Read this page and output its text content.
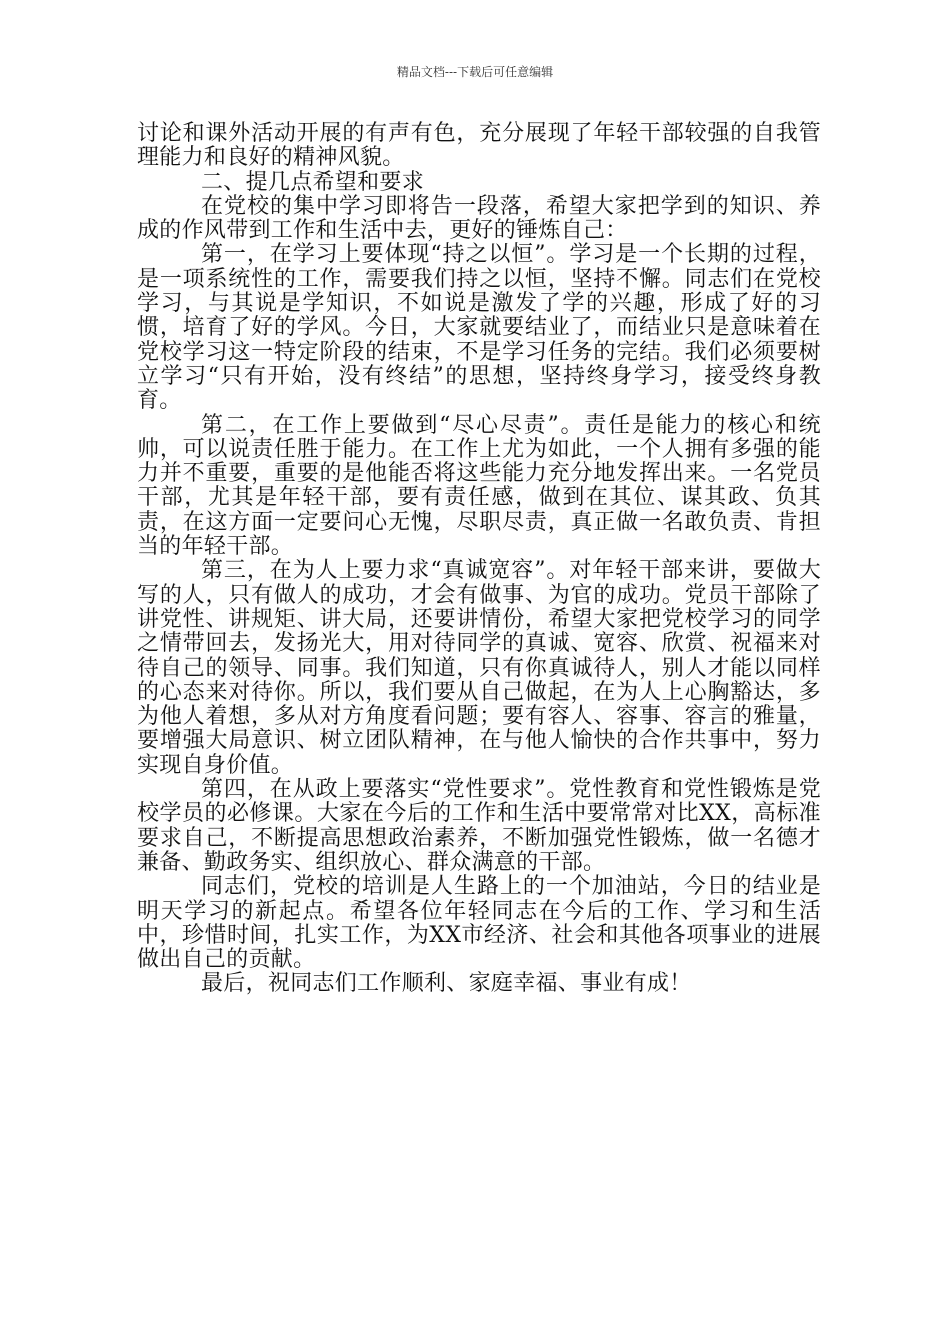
精品文档---下载后可任意编辑

讨论和课外活动开展的有声有色，充分展现了年轻干部较强的自我管理能力和良好的精神风貌。

二、提几点希望和要求

在党校的集中学习即将告一段落，希望大家把学到的知识、养成的作风带到工作和生活中去，更好的锤炼自己：

第一，在学习上要体现“持之以恒”。学习是一个长期的过程，是一项系统性的工作，需要我们持之以恒，坚持不懈。同志们在党校学习，与其说是学知识，不如说是激发了学的兴趣，形成了好的习惯，培育了好的学风。今日，大家就要结业了，而结业只是意味着在党校学习这一特定阶段的结束，不是学习任务的完结。我们必须要树立学习“只有开始，没有终结”的思想，坚持终身学习，接受终身教育。

第二，在工作上要做到“尽心尽责”。责任是能力的核心和统帅，可以说责任胜于能力。在工作上尤为如此，一个人拥有多强的能力并不重要，重要的是他能否将这些能力充分地发挥出来。一名党员干部，尤其是年轻干部，要有责任感，做到在其位、谋其政、负其责，在这方面一定要问心无愧，尽职尽责，真正做一名敢负责、肯担当的年轻干部。

第三，在为人上要力求“真诚宽容”。对年轻干部来讲，要做大写的人，只有做人的成功，才会有做事、为官的成功。党员干部除了讲党性、讲规矩、讲大局，还要讲情份，希望大家把党校学习的同学之情带回去，发扬光大，用对待同学的真诚、宽容、欣赏、祝福来对待自己的领导、同事。我们知道，只有你真诚待人，别人才能以同样的心态来对待你。所以，我们要从自己做起，在为人上心胸豁达，多为他人着想，多从对方角度看问题；要有容人、容事、容言的雅量，要增强大局意识、树立团队精神，在与他人愉快的合作共事中，努力实现自身价值。

第四，在从政上要落实“党性要求”。党性教育和党性锻炼是党校学员的必修课。大家在今后的工作和生活中要常常对比XX，高标准要求自己，不断提高思想政治素养，不断加强党性锻炼，做一名德才兼备、勤政务实、组织放心、群众满意的干部。

同志们，党校的培训是人生路上的一个加油站，今日的结业是明天学习的新起点。希望各位年轻同志在今后的工作、学习和生活中，珍惜时间，扎实工作，为XX市经济、社会和其他各项事业的进展做出自己的贡献。

最后，祝同志们工作顺利、家庭幸福、事业有成！
